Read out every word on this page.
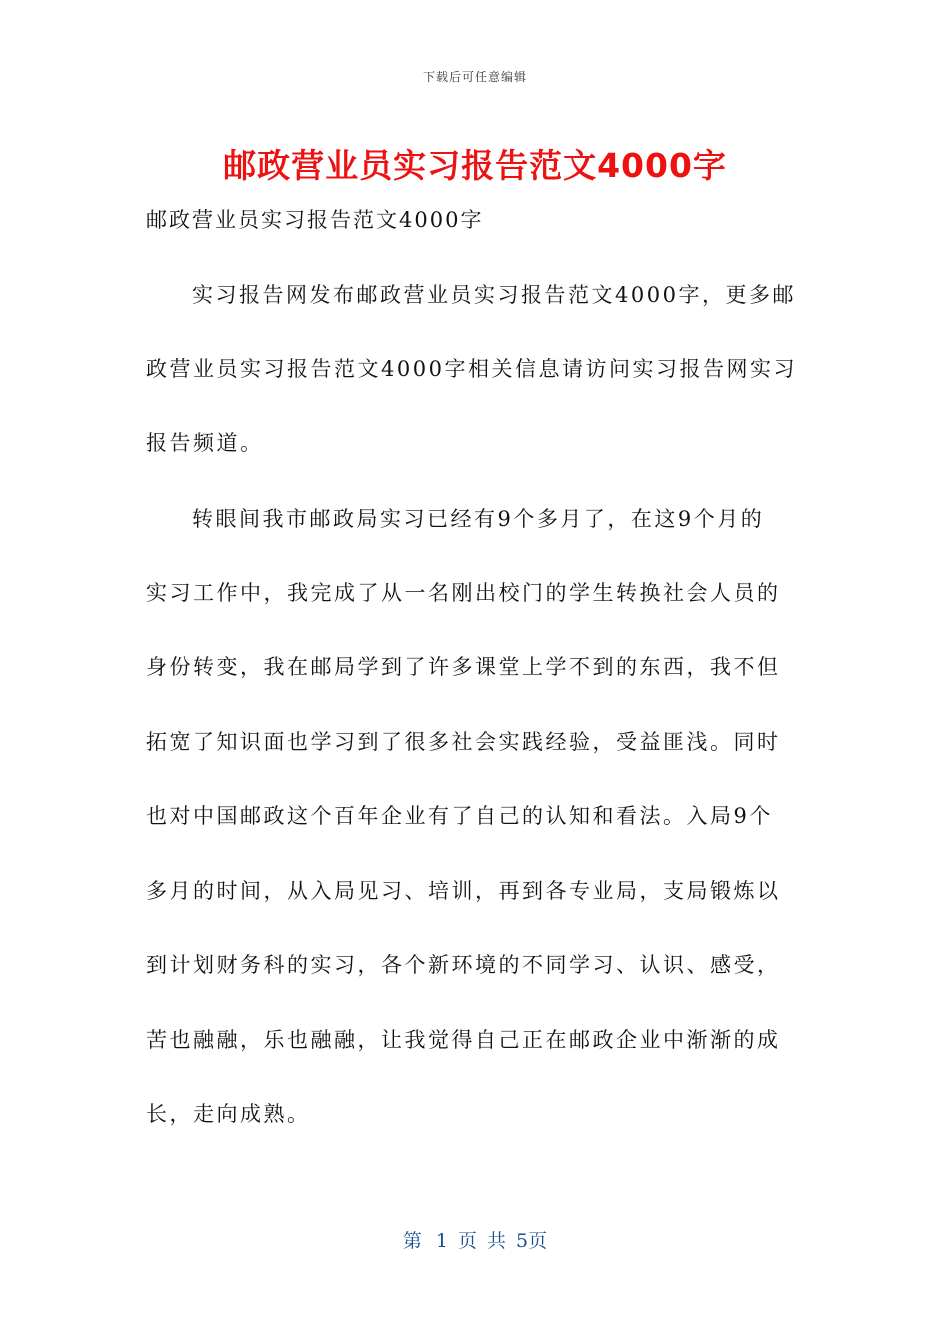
下载后可任意编辑
邮政营业员实习报告范文4000字
邮政营业员实习报告范文4000字
实习报告网发布邮政营业员实习报告范文4000字，更多邮
政营业员实习报告范文4000字相关信息请访问实习报告网实习
报告频道。
转眼间我市邮政局实习已经有9个多月了，在这9个月的
实习工作中，我完成了从一名刚出校门的学生转换社会人员的
身份转变，我在邮局学到了许多课堂上学不到的东西，我不但
拓宽了知识面也学习到了很多社会实践经验，受益匪浅。同时
也对中国邮政这个百年企业有了自己的认知和看法。入局9个
多月的时间，从入局见习、培训，再到各专业局，支局锻炼以
到计划财务科的实习，各个新环境的不同学习、认识、感受，
苦也融融，乐也融融，让我觉得自己正在邮政企业中渐渐的成
长，走向成熟。
第 1 页 共 5页
